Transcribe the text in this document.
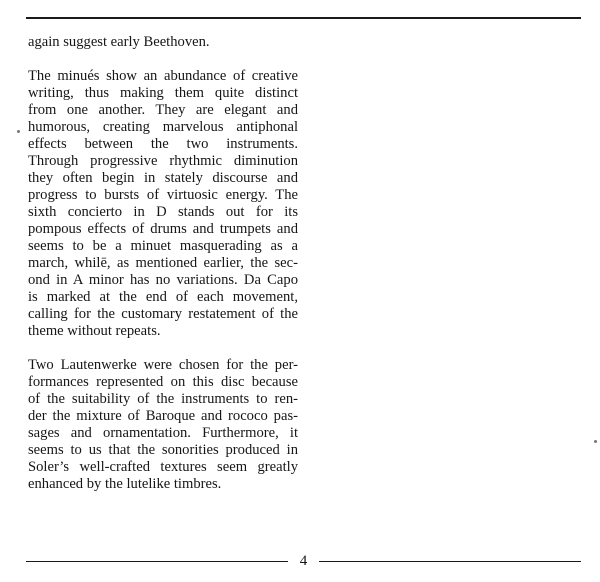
again suggest early Beethoven.
The minués show an abundance of creative
writing, thus making them quite distinct
from one another. They are elegant and
humorous, creating marvelous antiphonal
effects between the two instruments.
Through progressive rhythmic diminution
they often begin in stately discourse and
progress to bursts of virtuosic energy. The
sixth concierto in D stands out for its
pompous effects of drums and trumpets and
seems to be a minuet masquerading as a
march, whilē, as mentioned earlier, the sec-
ond in A minor has no variations. Da Capo
is marked at the end of each movement,
calling for the customary restatement of the
theme without repeats.
Two Lautenwerke were chosen for the per-
formances represented on this disc because
of the suitability of the instruments to ren-
der the mixture of Baroque and rococo pas-
sages and ornamentation. Furthermore, it
seems to us that the sonorities produced in
Soler’s well-crafted textures seem greatly
enhanced by the lutelike timbres.
4
